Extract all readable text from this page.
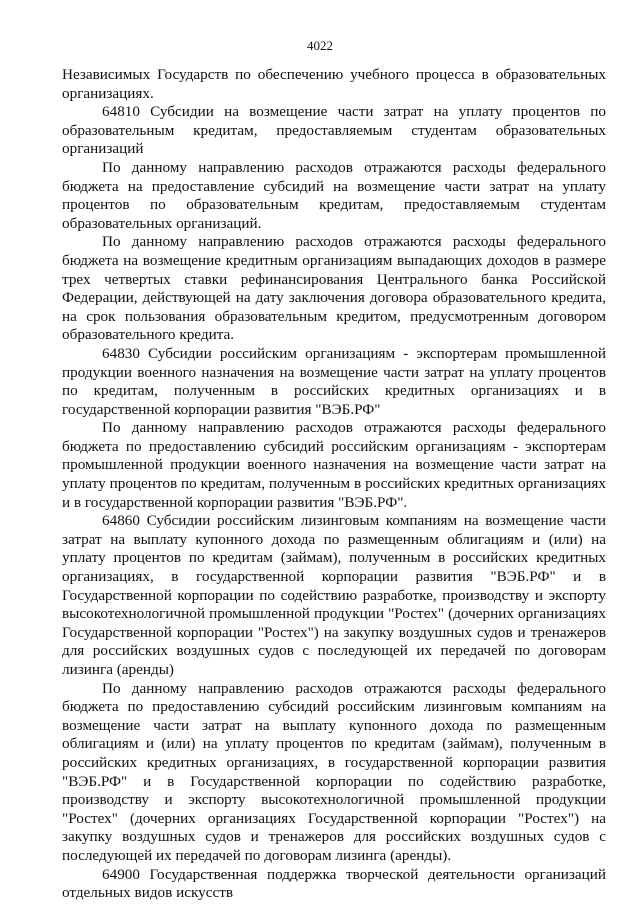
4022

Независимых Государств по обеспечению учебного процесса в образовательных организациях.

64810 Субсидии на возмещение части затрат на уплату процентов по образовательным кредитам, предоставляемым студентам образовательных организаций

По данному направлению расходов отражаются расходы федерального бюджета на предоставление субсидий на возмещение части затрат на уплату процентов по образовательным кредитам, предоставляемым студентам образовательных организаций.

По данному направлению расходов отражаются расходы федерального бюджета на возмещение кредитным организациям выпадающих доходов в размере трех четвертых ставки рефинансирования Центрального банка Российской Федерации, действующей на дату заключения договора образовательного кредита, на срок пользования образовательным кредитом, предусмотренным договором образовательного кредита.

64830 Субсидии российским организациям - экспортерам промышленной продукции военного назначения на возмещение части затрат на уплату процентов по кредитам, полученным в российских кредитных организациях и в государственной корпорации развития "ВЭБ.РФ"

По данному направлению расходов отражаются расходы федерального бюджета по предоставлению субсидий российским организациям - экспортерам промышленной продукции военного назначения на возмещение части затрат на уплату процентов по кредитам, полученным в российских кредитных организациях и в государственной корпорации развития "ВЭБ.РФ".

64860 Субсидии российским лизинговым компаниям на возмещение части затрат на выплату купонного дохода по размещенным облигациям и (или) на уплату процентов по кредитам (займам), полученным в российских кредитных организациях, в государственной корпорации развития "ВЭБ.РФ" и в Государственной корпорации по содействию разработке, производству и экспорту высокотехнологичной промышленной продукции "Ростех" (дочерних организациях Государственной корпорации "Ростех") на закупку воздушных судов и тренажеров для российских воздушных судов с последующей их передачей по договорам лизинга (аренды)

По данному направлению расходов отражаются расходы федерального бюджета по предоставлению субсидий российским лизинговым компаниям на возмещение части затрат на выплату купонного дохода по размещенным облигациям и (или) на уплату процентов по кредитам (займам), полученным в российских кредитных организациях, в государственной корпорации развития "ВЭБ.РФ" и в Государственной корпорации по содействию разработке, производству и экспорту высокотехнологичной промышленной продукции "Ростех" (дочерних организациях Государственной корпорации "Ростех") на закупку воздушных судов и тренажеров для российских воздушных судов с последующей их передачей по договорам лизинга (аренды).

64900 Государственная поддержка творческой деятельности организаций отдельных видов искусств
